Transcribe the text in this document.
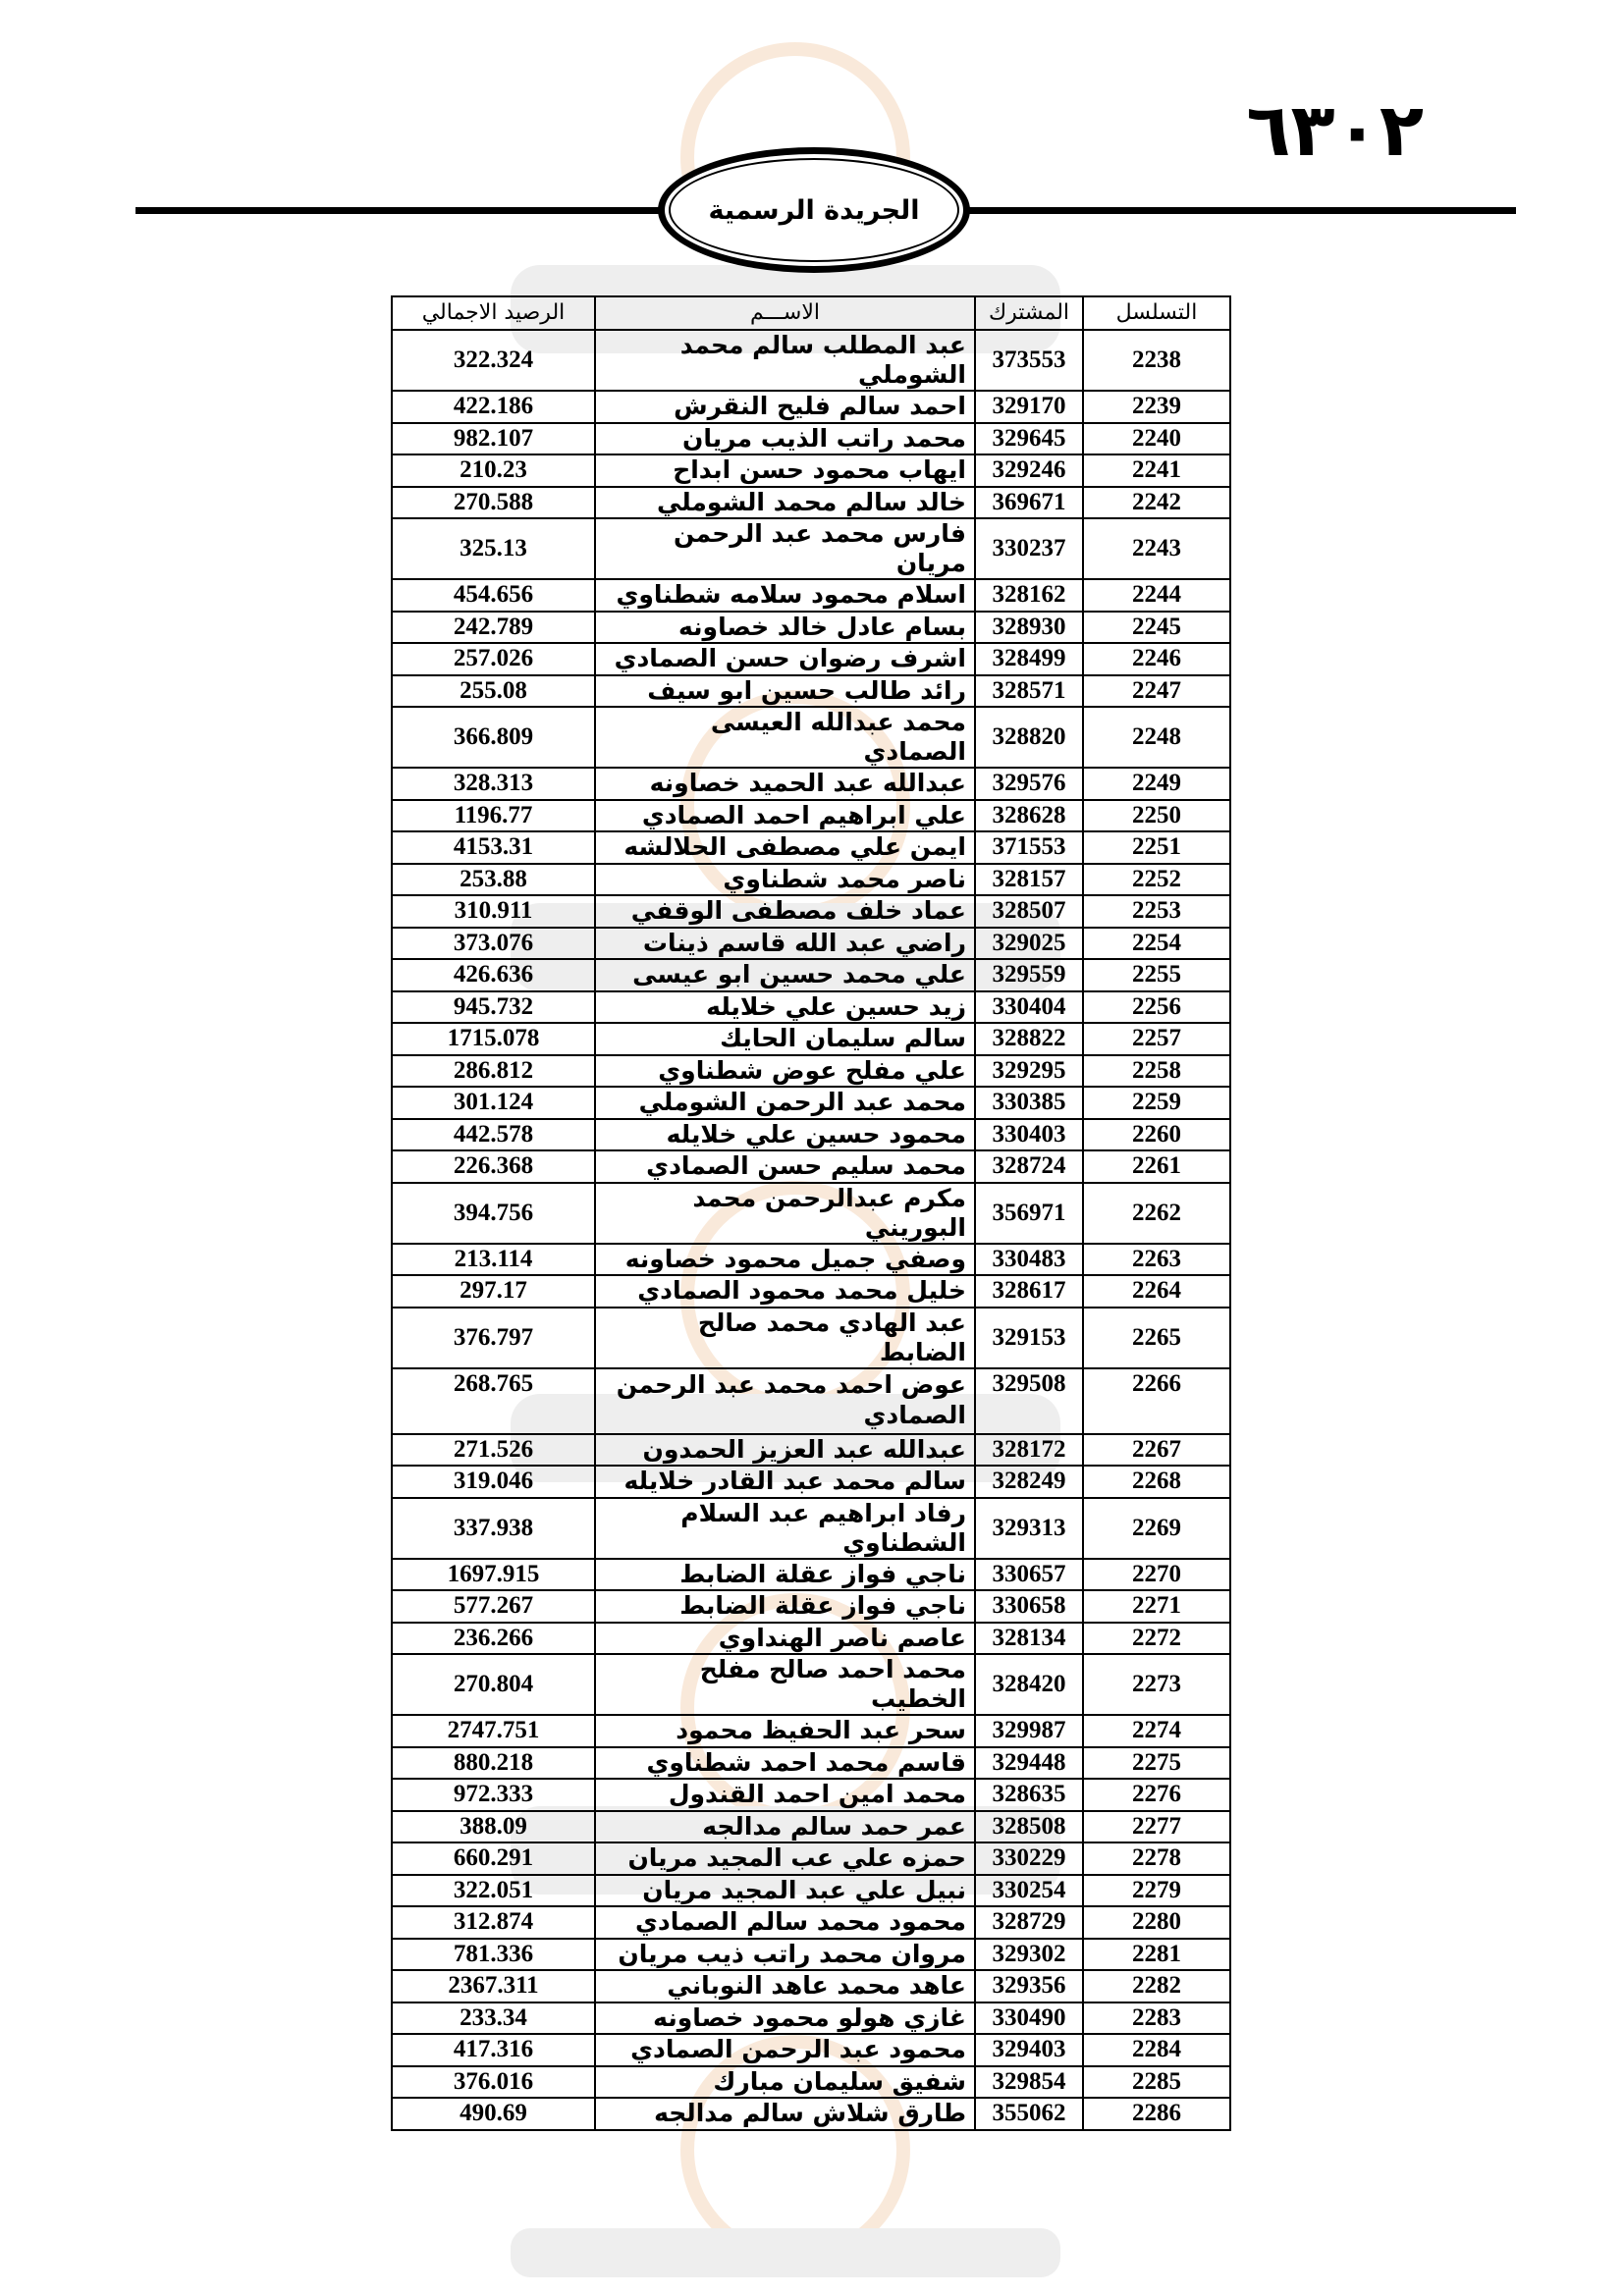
٦٣٠٢
الجريدة الرسمية
التسلسل	المشترك	الاســـم	الرصيد الاجمالي
2238	373553	عبد المطلب سالم محمد الشوملي	322.324
2239	329170	احمد سالم فليح النقرش	422.186
2240	329645	محمد راتب الذيب مريان	982.107
2241	329246	ايهاب محمود حسن ابداح	210.23
2242	369671	خالد سالم محمد الشوملي	270.588
2243	330237	فارس محمد عبد الرحمن مريان	325.13
2244	328162	اسلام محمود سلامه شطناوي	454.656
2245	328930	بسام عادل خالد خصاونه	242.789
2246	328499	اشرف رضوان حسن الصمادي	257.026
2247	328571	رائد طالب حسين ابو سيف	255.08
2248	328820	محمد عبدالله العيسى الصمادي	366.809
2249	329576	عبدالله عبد الحميد خصاونه	328.313
2250	328628	علي ابراهيم احمد الصمادي	1196.77
2251	371553	ايمن علي مصطفى الحلالشه	4153.31
2252	328157	ناصر محمد شطناوي	253.88
2253	328507	عماد خلف مصطفى الوقفي	310.911
2254	329025	راضي عبد الله قاسم ذينات	373.076
2255	329559	علي محمد حسين ابو عيسى	426.636
2256	330404	زيد حسين علي خلايله	945.732
2257	328822	سالم سليمان الحايك	1715.078
2258	329295	علي مفلح عوض شطناوي	286.812
2259	330385	محمد عبد الرحمن الشوملي	301.124
2260	330403	محمود حسين علي خلايله	442.578
2261	328724	محمد سليم حسن الصمادي	226.368
2262	356971	مكرم عبدالرحمن محمد البوريني	394.756
2263	330483	وصفي جميل محمود خصاونه	213.114
2264	328617	خليل محمد محمود الصمادي	297.17
2265	329153	عبد الهادي محمد صالح الضابط	376.797
2266	329508	عوض احمد محمد عبد الرحمن الصمادي	268.765
2267	328172	عبدالله عبد العزيز الحمدون	271.526
2268	328249	سالم محمد عبد القادر خلايله	319.046
2269	329313	رفاد ابراهيم عبد السلام الشطناوي	337.938
2270	330657	ناجي فواز عقلة الضابط	1697.915
2271	330658	ناجي فواز عقلة الضابط	577.267
2272	328134	عاصم ناصر الهنداوي	236.266
2273	328420	محمد احمد صالح مفلح الخطيب	270.804
2274	329987	سحر عبد الحفيظ محمود	2747.751
2275	329448	قاسم محمد احمد شطناوي	880.218
2276	328635	محمد امين احمد القندول	972.333
2277	328508	عمر حمد سالم مدالجه	388.09
2278	330229	حمزه علي عب المجيد مريان	660.291
2279	330254	نبيل علي عبد المجيد مريان	322.051
2280	328729	محمود محمد سالم الصمادي	312.874
2281	329302	مروان محمد راتب ذيب مريان	781.336
2282	329356	عاهد محمد عاهد النوباني	2367.311
2283	330490	غازي هولو محمود خصاونه	233.34
2284	329403	محمود عبد الرحمن الصمادي	417.316
2285	329854	شفيق سليمان مبارك	376.016
2286	355062	طارق شلاش سالم مدالجه	490.69
